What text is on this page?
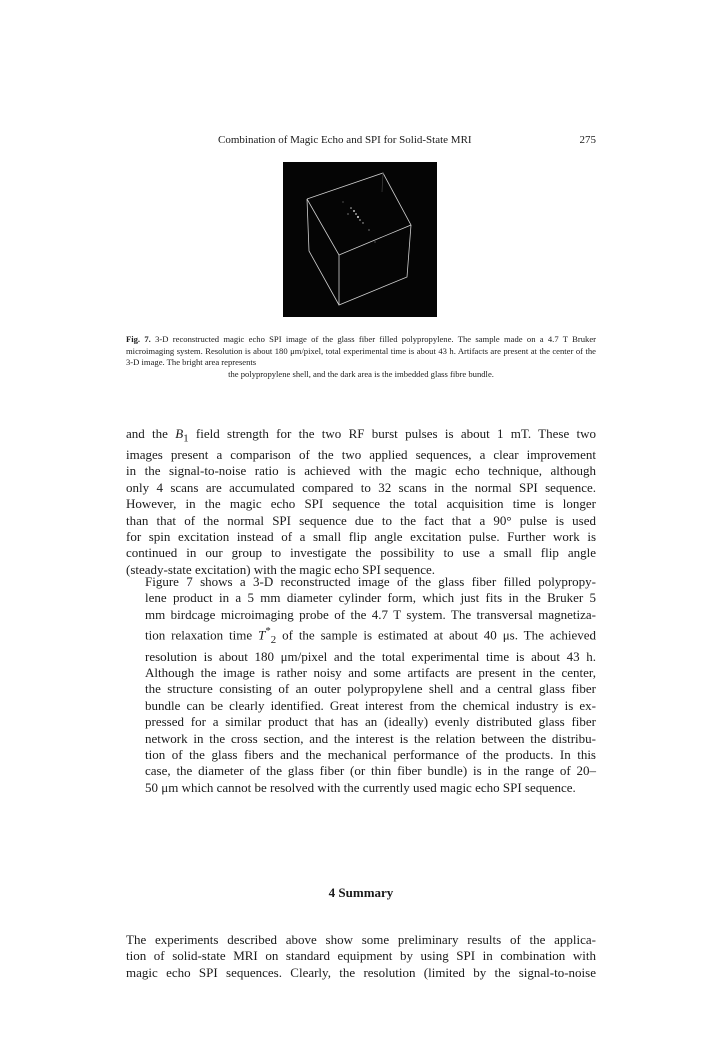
Combination of Magic Echo and SPI for Solid-State MRI	275
Fig. 7. 3-D reconstructed magic echo SPI image of the glass fiber filled polypropylene. The sample made on a 4.7 T Bruker microimaging system. Resolution is about 180 μm/pixel, total experimental time is about 43 h. Artifacts are present at the center of the 3-D image. The bright area represents
the polypropylene shell, and the dark area is the imbedded glass fibre bundle.
and the $B_1$ field strength for the two RF burst pulses is about 1 mT. These two
images present a comparison of the two applied sequences, a clear improvement
in the signal-to-noise ratio is achieved with the magic echo technique, although
only 4 scans are accumulated compared to 32 scans in the normal SPI sequence.
However, in the magic echo SPI sequence the total acquisition time is longer
than that of the normal SPI sequence due to the fact that a 90° pulse is used
for spin excitation instead of a small flip angle excitation pulse. Further work is
continued in our group to investigate the possibility to use a small flip angle
(steady-state excitation) with the magic echo SPI sequence.
Figure 7 shows a 3-D reconstructed image of the glass fiber filled polypropy-
lene product in a 5 mm diameter cylinder form, which just fits in the Bruker 5
mm birdcage microimaging probe of the 4.7 T system. The transversal magnetiza-
tion relaxation time $T^*_2$ of the sample is estimated at about 40 μs. The achieved
resolution is about 180 μm/pixel and the total experimental time is about 43 h.
Although the image is rather noisy and some artifacts are present in the center,
the structure consisting of an outer polypropylene shell and a central glass fiber
bundle can be clearly identified. Great interest from the chemical industry is ex-
pressed for a similar product that has an (ideally) evenly distributed glass fiber
network in the cross section, and the interest is the relation between the distribu-
tion of the glass fibers and the mechanical performance of the products. In this
case, the diameter of the glass fiber (or thin fiber bundle) is in the range of 20–
50 μm which cannot be resolved with the currently used magic echo SPI sequence.
4 Summary
The experiments described above show some preliminary results of the applica-
tion of solid-state MRI on standard equipment by using SPI in combination with
magic echo SPI sequences. Clearly, the resolution (limited by the signal-to-noise
